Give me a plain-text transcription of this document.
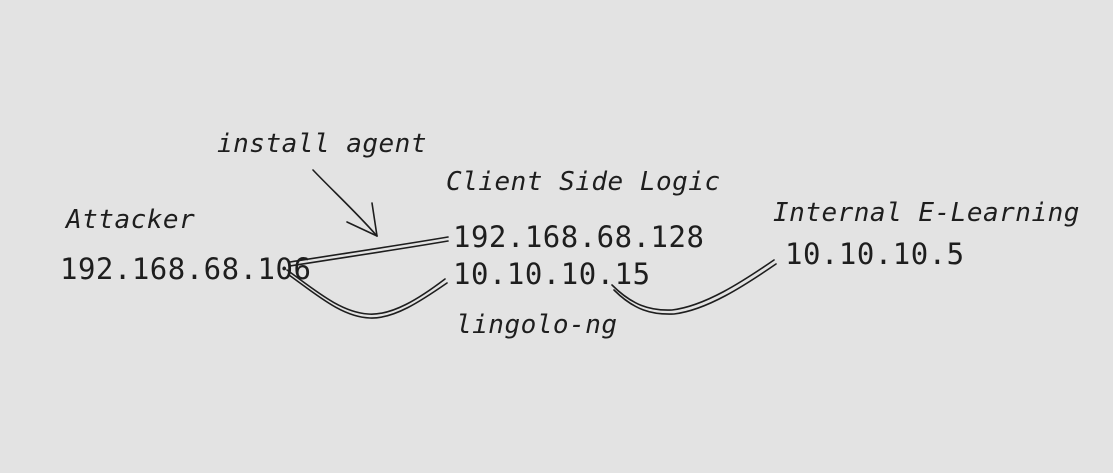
Attacker
192.168.68.106
install agent
Client Side Logic
192.168.68.128
10.10.10.15
lingolo-ng
Internal E-Learning
10.10.10.5
